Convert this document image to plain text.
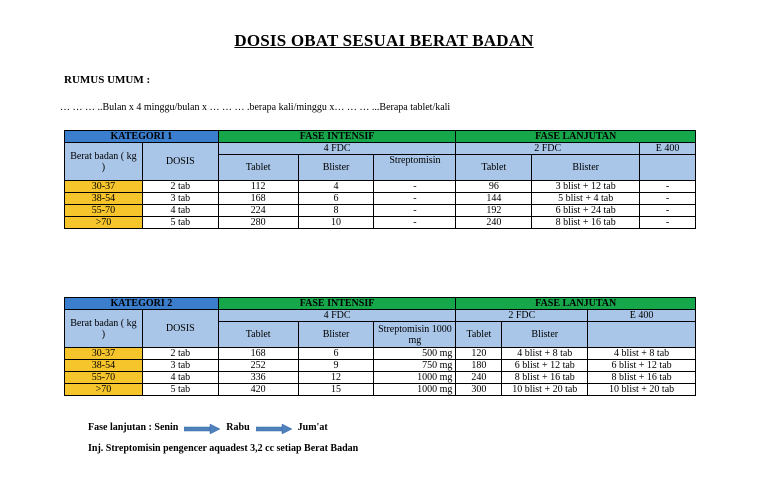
DOSIS OBAT SESUAI BERAT BADAN
RUMUS UMUM :
… … … ..Bulan x 4 minggu/bulan x … … … .berapa kali/minggu x… … … ...Berapa tablet/kali
KATEGORI 1		FASE INTENSIF			FASE LANJUTAN		
Berat badan ( kg )	DOSIS	4 FDC			2 FDC		E 400
		Tablet	Blister	Streptomisin	Tablet	Blister	
30-37	2 tab	112	4	-	96	3 blist + 12 tab	-
38-54	3 tab	168	6	-	144	5 blist + 4 tab	-
55-70	4 tab	224	8	-	192	6 blist + 24 tab	-
>70	5 tab	280	10	-	240	8 blist + 16 tab	-
KATEGORI 2		FASE INTENSIF			FASE LANJUTAN		
Berat badan ( kg )	DOSIS	4 FDC			2 FDC		E 400
		Tablet	Blister	Streptomisin 1000 mg	Tablet	Blister	
30-37	2 tab	168	6	500 mg	120	4 blist + 8 tab	4 blist + 8 tab
38-54	3 tab	252	9	750 mg	180	6 blist + 12 tab	6 blist + 12 tab
55-70	4 tab	336	12	1000 mg	240	8 blist + 16 tab	8 blist + 16 tab
>70	5 tab	420	15	1000 mg	300	10 blist + 20 tab	10 blist + 20 tab
Fase lanjutan : Senin	Rabu	Jum'at
Inj. Streptomisin pengencer aquadest 3,2 cc setiap Berat Badan
